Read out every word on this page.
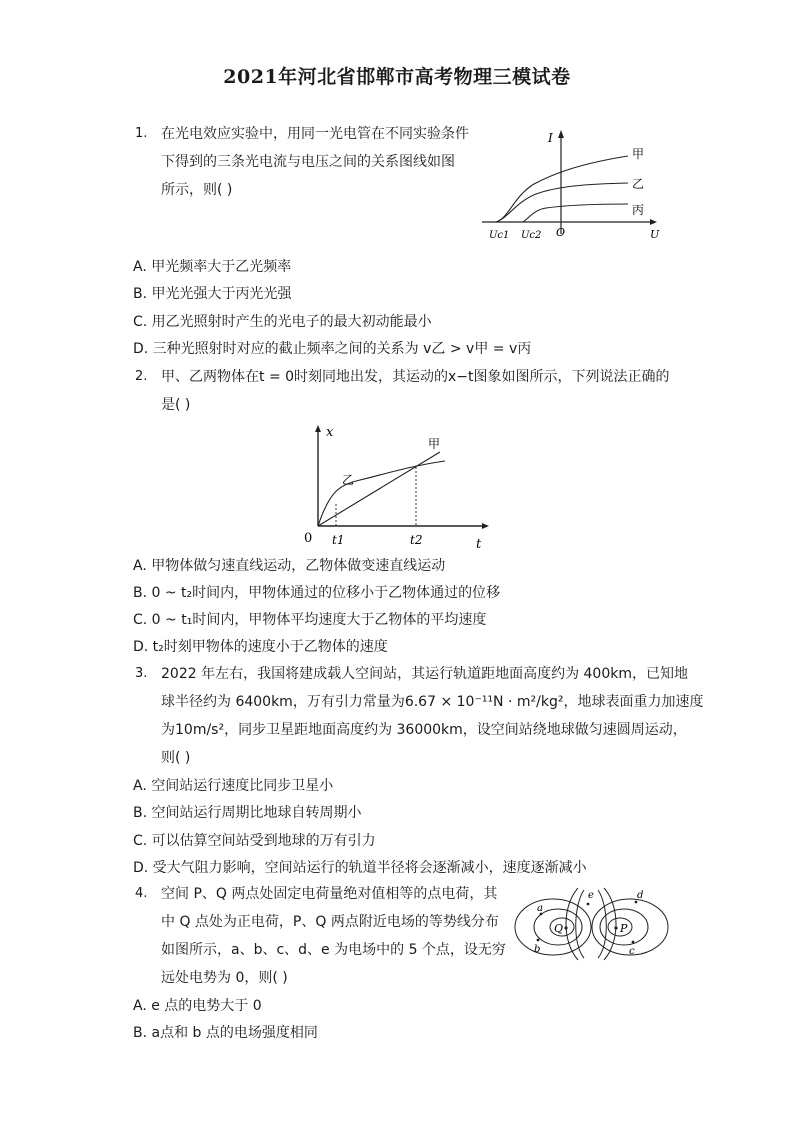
2021年河北省邯郸市高考物理三模试卷
1. 在光电效应实验中，用同一光电管在不同实验条件
下得到的三条光电流与电压之间的关系图线如图
所示，则( )
I
U
O
Uc1 Uc2
甲
乙
丙
A. 甲光频率大于乙光频率
B. 甲光光强大于丙光光强
C. 用乙光照射时产生的光电子的最大初动能最小
D. 三种光照射时对应的截止频率之间的关系为 v乙 > v甲 = v丙
2. 甲、乙两物体在t = 0时刻同地出发，其运动的x−t图象如图所示，下列说法正确的
是( )
x
t
0 t1	t2
甲
乙
A. 甲物体做匀速直线运动，乙物体做变速直线运动
B. 0 ~ t₂时间内，甲物体通过的位移小于乙物体通过的位移
C. 0 ~ t₁时间内，甲物体平均速度大于乙物体的平均速度
D. t₂时刻甲物体的速度小于乙物体的速度
3. 2022 年左右，我国将建成载人空间站，其运行轨道距地面高度约为 400km，已知地
球半径约为 6400km，万有引力常量为6.67 × 10⁻¹¹N · m²/kg²，地球表面重力加速度
为10m/s²，同步卫星距地面高度约为 36000km，设空间站绕地球做匀速圆周运动，
则( )
A. 空间站运行速度比同步卫星小
B. 空间站运行周期比地球自转周期小
C. 可以估算空间站受到地球的万有引力
D. 受大气阻力影响，空间站运行的轨道半径将会逐渐减小，速度逐渐减小
4. 空间 P、Q 两点处固定电荷量绝对值相等的点电荷，其
中 Q 点处为正电荷，P、Q 两点附近电场的等势线分布
如图所示，a、b、c、d、e 为电场中的 5 个点，设无穷
远处电势为 0，则( )
Q	P
a
b	c
d
e
A. e 点的电势大于 0
B. a点和 b 点的电场强度相同
